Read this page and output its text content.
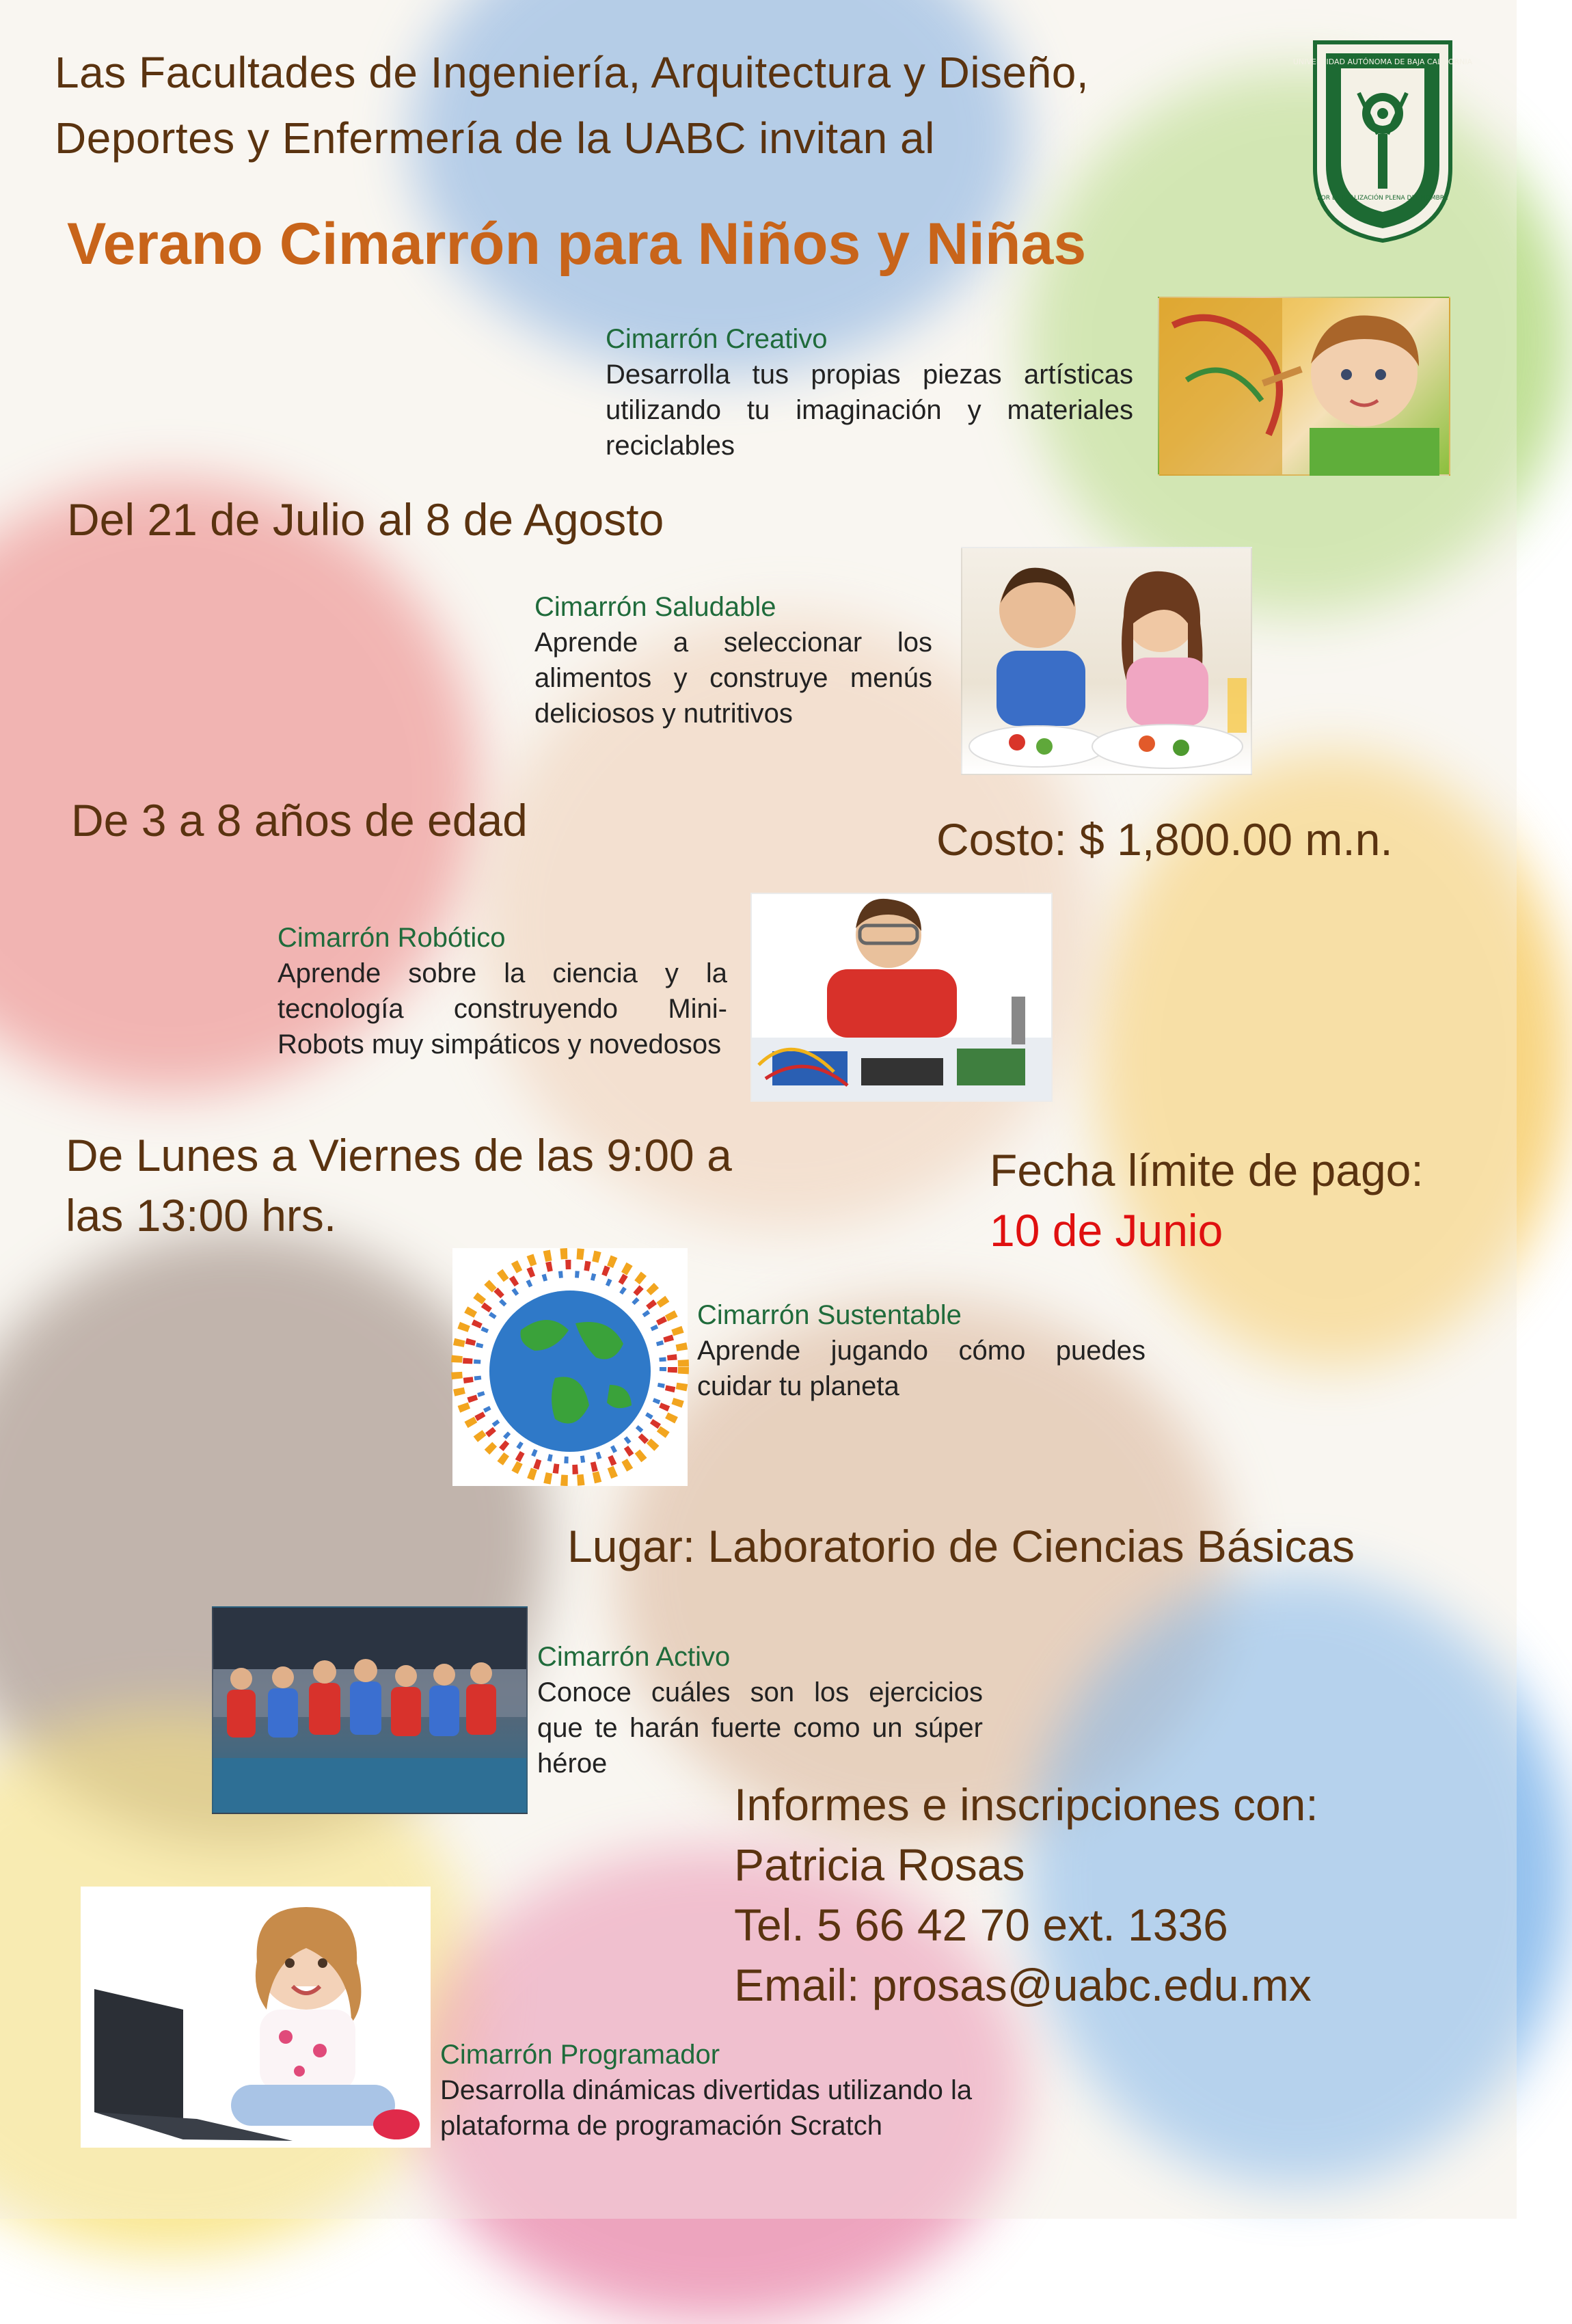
Las Facultades de Ingeniería, Arquitectura y Diseño,
Deportes y Enfermería de la UABC invitan al
Verano Cimarrón para Niños y Niñas
UNIVERSIDAD AUTÓNOMA DE BAJA CALIFORNIA
POR LA REALIZACIÓN PLENA DEL HOMBRE
Cimarrón Creativo
Desarrolla tus propias piezas artísticas utilizando tu imaginación y materiales reciclables
Del 21 de Julio al 8 de Agosto
Cimarrón Saludable
Aprende a seleccionar los alimentos y construye menús deliciosos y nutritivos
De 3 a 8 años de edad	Costo: $ 1,800.00 m.n.
Cimarrón Robótico
Aprende sobre la ciencia y la tecnología construyendo Mini-Robots muy simpáticos y novedosos
De Lunes a Viernes de las 9:00 a
las 13:00 hrs.
Fecha límite de pago:
10 de Junio
Cimarrón Sustentable
Aprende jugando cómo puedes cuidar tu planeta
Lugar: Laboratorio de Ciencias Básicas
Cimarrón Activo
Conoce cuáles son los ejercicios que te harán fuerte como un súper héroe
Informes e inscripciones con:
Patricia Rosas
Tel. 5 66 42 70 ext. 1336
Email: prosas@uabc.edu.mx
Cimarrón Programador
Desarrolla dinámicas divertidas utilizando la plataforma de programación Scratch
